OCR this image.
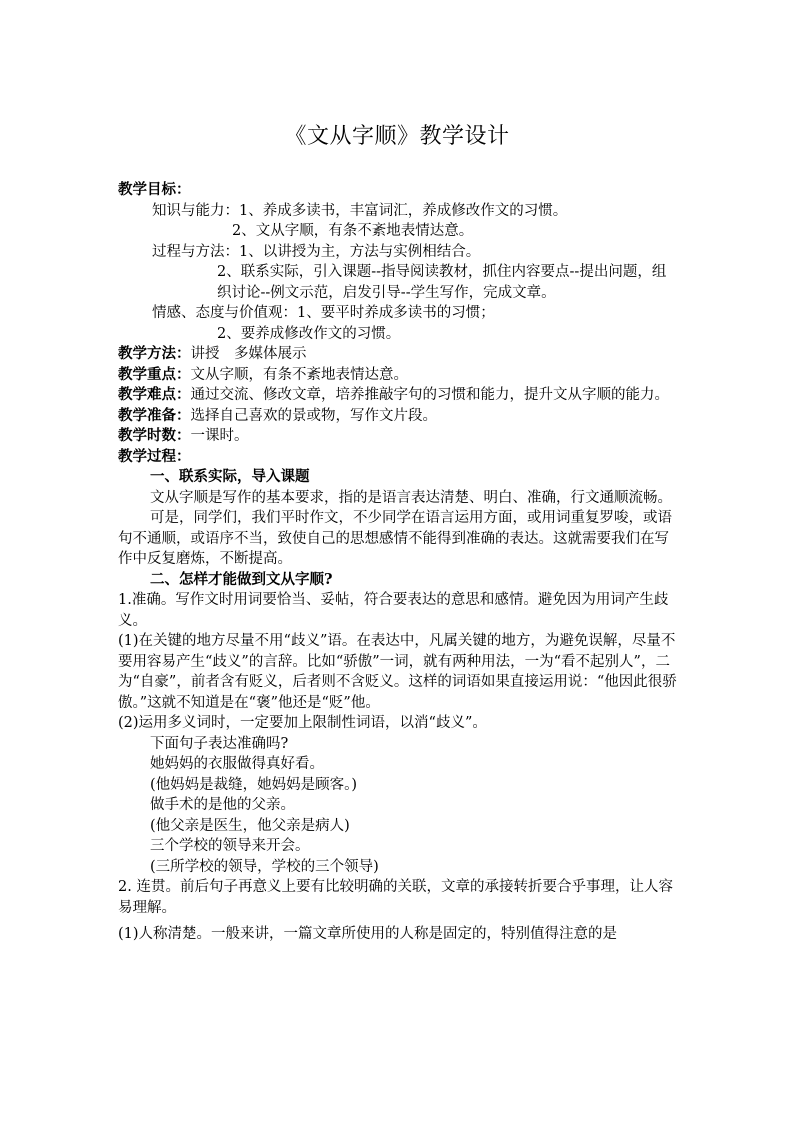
《文从字顺》教学设计

教学目标：

知识与能力：1、养成多读书，丰富词汇，养成修改作文的习惯。

2、文从字顺，有条不紊地表情达意。

过程与方法：1、以讲授为主，方法与实例相结合。

2、联系实际，引入课题--指导阅读教材，抓住内容要点--提出问题，组织讨论--例文示范，启发引导--学生写作，完成文章。

情感、态度与价值观：1、要平时养成多读书的习惯；

2、要养成修改作文的习惯。

教学方法：讲授　多媒体展示

教学重点：文从字顺，有条不紊地表情达意。

教学难点：通过交流、修改文章，培养推敲字句的习惯和能力，提升文从字顺的能力。

教学准备：选择自己喜欢的景或物，写作文片段。

教学时数：一课时。

教学过程：

一、联系实际，导入课题

文从字顺是写作的基本要求，指的是语言表达清楚、明白、准确，行文通顺流畅。

可是，同学们，我们平时作文，不少同学在语言运用方面，或用词重复罗唆，或语句不通顺，或语序不当，致使自己的思想感情不能得到准确的表达。这就需要我们在写作中反复磨炼，不断提高。

二、怎样才能做到文从字顺?

1.准确。写作文时用词要恰当、妥帖，符合要表达的意思和感情。避免因为用词产生歧义。

(1)在关键的地方尽量不用“歧义”语。在表达中，凡属关键的地方，为避免误解，尽量不要用容易产生“歧义”的言辞。比如“骄傲”一词，就有两种用法，一为“看不起别人”，二为“自豪”，前者含有贬义，后者则不含贬义。这样的词语如果直接运用说：“他因此很骄傲。”这就不知道是在“褒”他还是“贬”他。

(2)运用多义词时，一定要加上限制性词语，以消“歧义”。

下面句子表达准确吗?

她妈妈的衣服做得真好看。

(他妈妈是裁缝，她妈妈是顾客。)

做手术的是他的父亲。

(他父亲是医生，他父亲是病人)

三个学校的领导来开会。

(三所学校的领导，学校的三个领导)

2. 连贯。前后句子再意义上要有比较明确的关联，文章的承接转折要合乎事理，让人容易理解。

(1)人称清楚。一般来讲，一篇文章所使用的人称是固定的，特别值得注意的是
